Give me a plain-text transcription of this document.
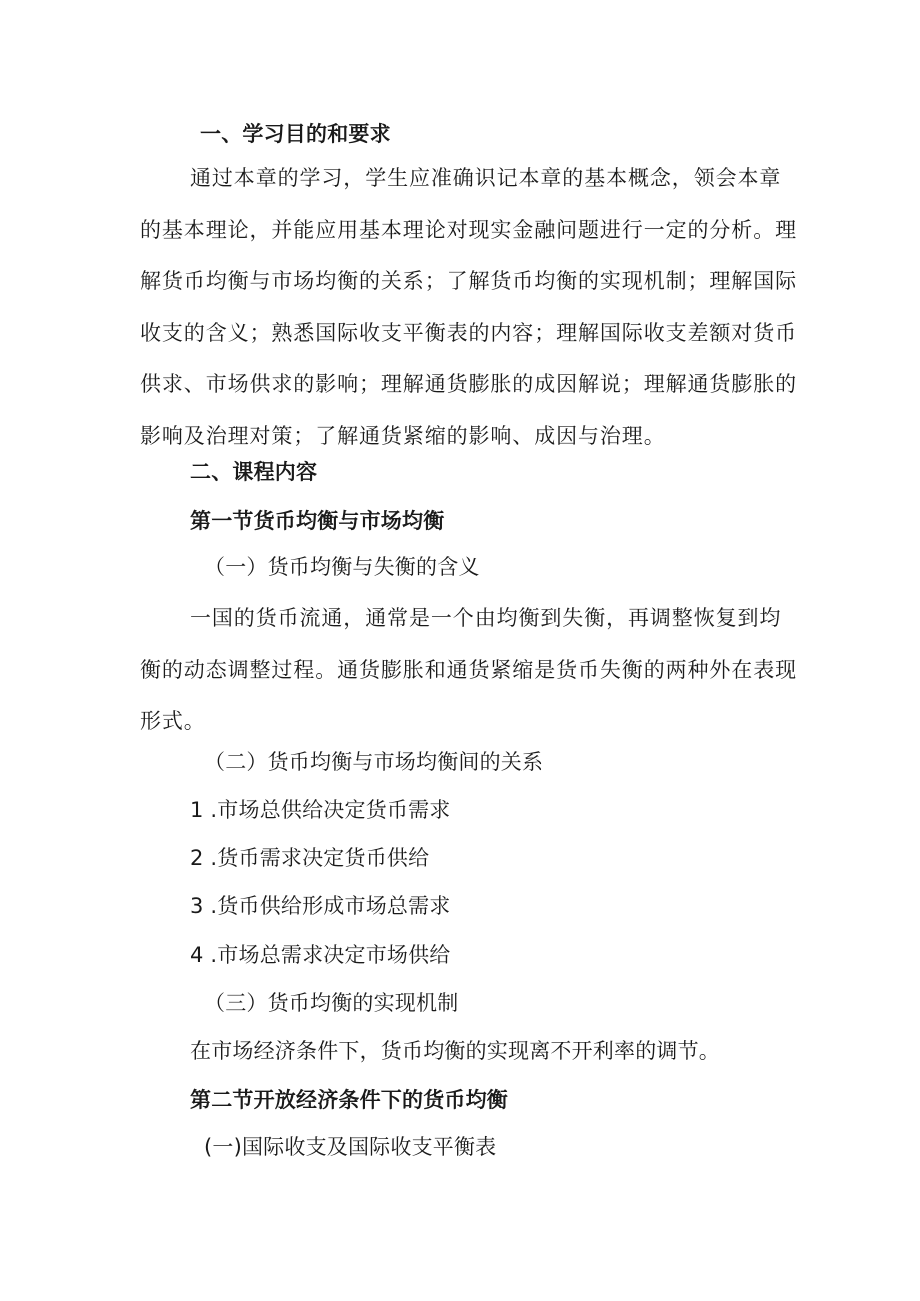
一、学习目的和要求
通过本章的学习，学生应准确识记本章的基本概念，领会本章
的基本理论，并能应用基本理论对现实金融问题进行一定的分析。理
解货币均衡与市场均衡的关系；了解货币均衡的实现机制；理解国际
收支的含义；熟悉国际收支平衡表的内容；理解国际收支差额对货币
供求、市场供求的影响；理解通货膨胀的成因解说；理解通货膨胀的
影响及治理对策；了解通货紧缩的影响、成因与治理。
二、课程内容
第一节货币均衡与市场均衡
（一）货币均衡与失衡的含义
一国的货币流通，通常是一个由均衡到失衡，再调整恢复到均
衡的动态调整过程。通货膨胀和通货紧缩是货币失衡的两种外在表现
形式。
（二）货币均衡与市场均衡间的关系
1 .市场总供给决定货币需求
2 .货币需求决定货币供给
3 .货币供给形成市场总需求
4 .市场总需求决定市场供给
（三）货币均衡的实现机制
在市场经济条件下，货币均衡的实现离不开利率的调节。
第二节开放经济条件下的货币均衡
(一)国际收支及国际收支平衡表
